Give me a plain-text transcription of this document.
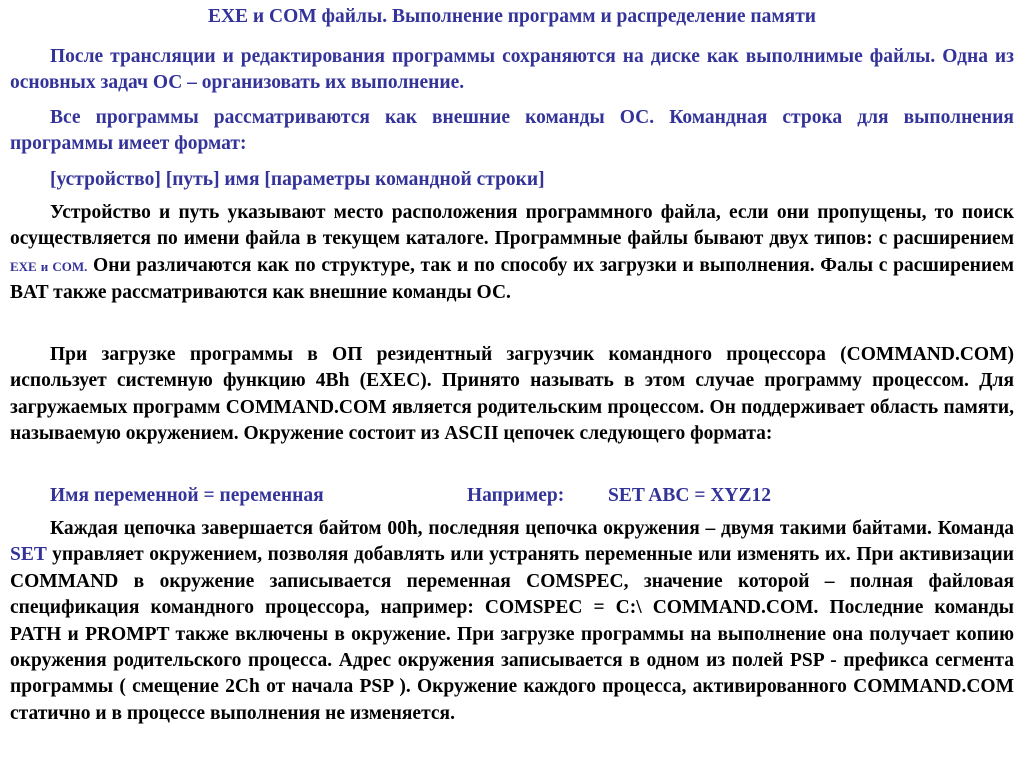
EXE и COM файлы. Выполнение программ и распределение памяти
После трансляции и редактирования программы сохраняются на диске как выполнимые файлы. Одна из основных задач ОС – организовать их выполнение.
Все программы рассматриваются как внешние команды ОС. Командная строка для выполнения программы имеет формат:
[устройство] [путь] имя [параметры командной строки]
Устройство и путь указывают место расположения программного файла, если они пропущены, то поиск осуществляется по имени файла в текущем каталоге. Программные файлы бывают двух типов: с расширением EXE и COM. Они различаются как по структуре, так и по способу их загрузки и выполнения. Фалы с расширением BAT также рассматриваются как внешние команды ОС.
При загрузке программы в ОП резидентный загрузчик командного процессора (COMMAND.COM) использует системную функцию 4Bh (EXEC). Принято называть в этом случае программу процессом. Для загружаемых программ COMMAND.COM является родительским процессом. Он поддерживает область памяти, называемую окружением. Окружение состоит из ASCII цепочек следующего формата:
Имя переменной = переменная	Например: SET ABC = XYZ12
Каждая цепочка завершается байтом 00h, последняя цепочка окружения – двумя такими байтами. Команда SET управляет окружением, позволяя добавлять или устранять переменные или изменять их. При активизации COMMAND в окружение записывается переменная COMSPEC, значение которой – полная файловая спецификация командного процессора, например: COMSPEC = C:\ COMMAND.COM. Последние команды PATH и PROMPT также включены в окружение. При загрузке программы на выполнение она получает копию окружения родительского процесса. Адрес окружения записывается в одном из полей PSP - префикса сегмента программы ( смещение 2Ch от начала PSP ). Окружение каждого процесса, активированного COMMAND.COM статично и в процессе выполнения не изменяется.
